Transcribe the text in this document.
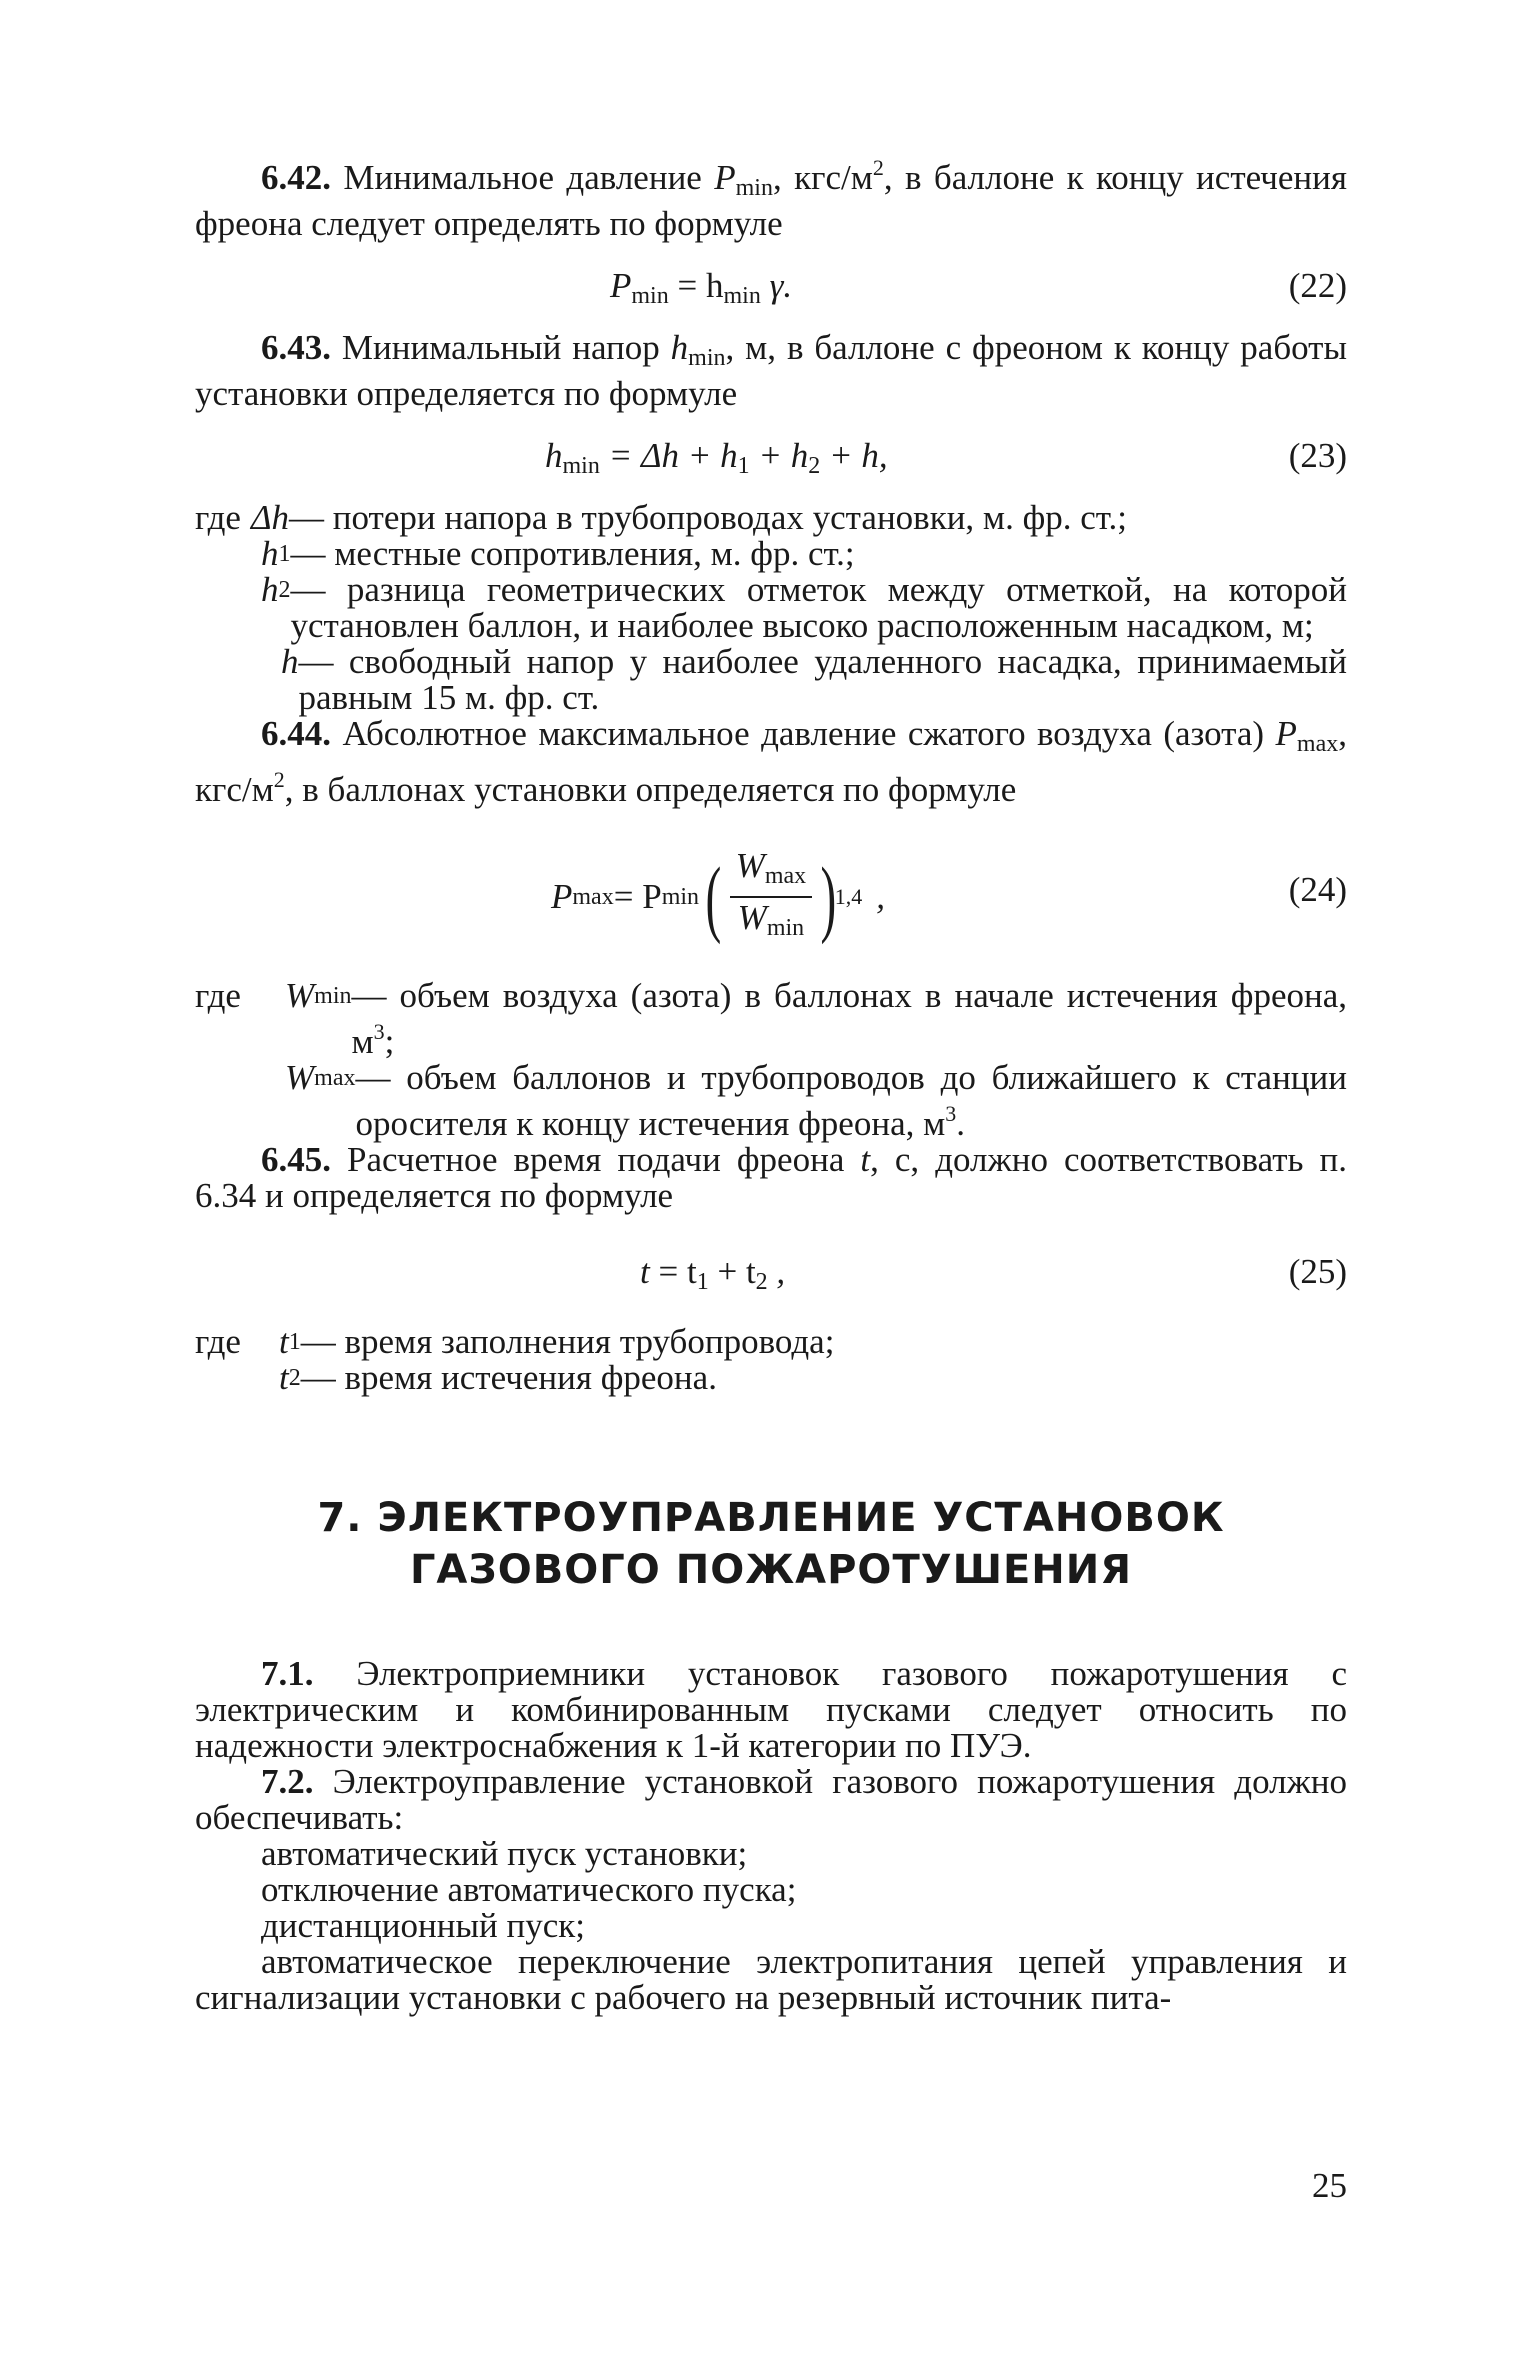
6.42. Минимальное давление $P_{min}$, кгс/$м^2$, в баллоне к концу истечения фреона следует определять по формуле

$P_{min} = h_{min}$ γ.	(22)

6.43. Минимальный напор $h_{min}$, м, в баллоне с фреоном к концу работы установки определяется по формуле

$h_{min} = \Delta h + h_1 + h_2 + h$,	(23)
где Δh — потери напора в трубопроводах установки, м. фр. ст.;
h 1 — местные сопротивления, м. фр. ст.;
h 2 — разница геометрических отметок между отметкой, на которой установлен баллон, и наиболее высоко расположенным насадком, м;
h — свободный напор у наиболее удаленного насадка, принимаемый равным 15 м. фр. ст.

6.44. Абсолютное максимальное давление сжатого воздуха (азота) $P_{max}$, кгс/$м^2$, в баллонах установки определяется по формуле

P max = P min ( $\frac{W_{max}}{W_{min}}$ )
1,4 ,	(24)
где	W min — объем воздуха (азота) в баллонах в начале истечения фреона, $м^3$;
W max — объем баллонов и трубопроводов до ближайшего к станции оросителя к концу истечения фреона, $м^3$.

6.45. Расчетное время подачи фреона t, с, должно соответствовать п. 6.34 и определяется по формуле

$t = t_1 + t_2$ ,	(25)
где	t 1 — время заполнения трубопровода;
t 2 — время истечения фреона.
7. ЭЛЕКТРОУПРАВЛЕНИЕ УСТАНОВОК
ГАЗОВОГО ПОЖАРОТУШЕНИЯ

7.1. Электроприемники установок газового пожаротушения с электрическим и комбинированным пусками следует относить по надежности электроснабжения к 1-й категории по ПУЭ.

7.2. Электроуправление установкой газового пожаротушения должно обеспечивать:

автоматический пуск установки;

отключение автоматического пуска;

дистанционный пуск;

автоматическое переключение электропитания цепей управления и сигнализации установки с рабочего на резервный источник пита-

25
